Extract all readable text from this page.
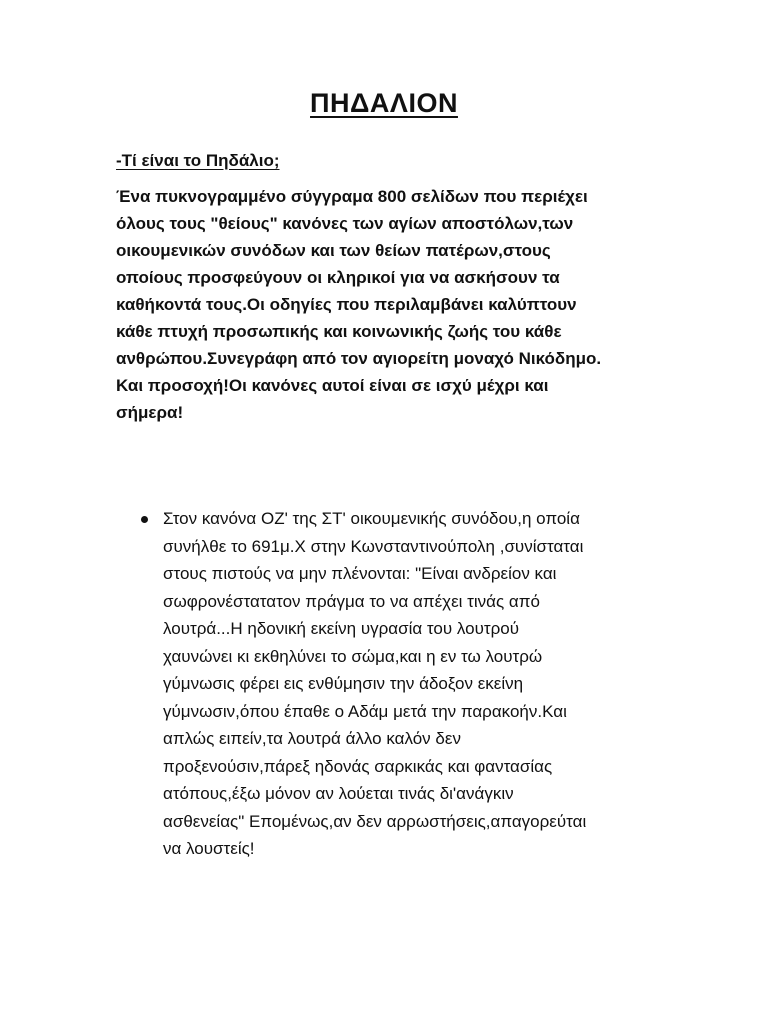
ΠΗΔΑΛΙΟΝ
-Τί είναι το Πηδάλιο;

Ένα πυκνογραμμένο σύγγραμα 800 σελίδων που περιέχει

όλους τους "θείους" κανόνες των αγίων αποστόλων,των

οικουμενικών συνόδων και των θείων πατέρων,στους

οποίους προσφεύγουν οι κληρικοί για να ασκήσουν τα

καθήκοντά τους.Οι οδηγίες που περιλαμβάνει καλύπτουν

κάθε πτυχή προσωπικής και κοινωνικής ζωής του κάθε

ανθρώπου.Συνεγράφη από τον αγιορείτη μοναχό Νικόδημο.

Και προσοχή!Οι κανόνες αυτοί είναι σε ισχύ μέχρι και

σήμερα!

Στον κανόνα ΟΖ' της ΣΤ' οικουμενικής συνόδου,η οποία
συνήλθε το 691μ.Χ στην Κωνσταντινούπολη ,συνίσταται
στους πιστούς να μην πλένονται: "Είναι ανδρείον και
σωφρονέστατατον πράγμα το να απέχει τινάς από
λουτρά...Η ηδονική εκείνη υγρασία του λουτρού
χαυνώνει κι εκθηλύνει το σώμα,και η εν τω λουτρώ
γύμνωσις φέρει εις ενθύμησιν την άδοξον εκείνη
γύμνωσιν,όπου έπαθε ο Αδάμ μετά την παρακοήν.Και
απλώς ειπείν,τα λουτρά άλλο καλόν δεν
προξενούσιν,πάρεξ ηδονάς σαρκικάς και φαντασίας
ατόπους,έξω μόνον αν λούεται τινάς δι'ανάγκιν
ασθενείας" Επομένως,αν δεν αρρωστήσεις,απαγορεύται
να λουστείς!
